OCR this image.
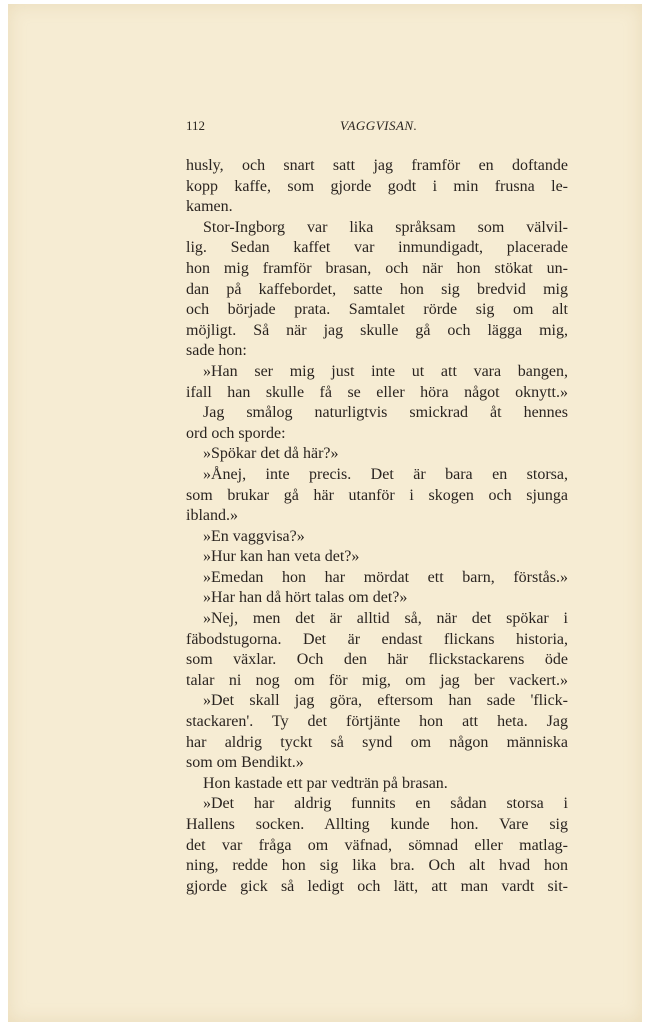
112	VAGGVISAN.
husly, och snart satt jag framför en doftande
kopp kaffe, som gjorde godt i min frusna le-
kamen.
Stor-Ingborg var lika språksam som välvil-
lig. Sedan kaffet var inmundigadt, placerade
hon mig framför brasan, och när hon stökat un-
dan på kaffebordet, satte hon sig bredvid mig
och började prata. Samtalet rörde sig om alt
möjligt. Så när jag skulle gå och lägga mig,
sade hon:
»Han ser mig just inte ut att vara bangen,
ifall han skulle få se eller höra något oknytt.»
Jag smålog naturligtvis smickrad åt hennes
ord och sporde:
»Spökar det då här?»
»Ånej, inte precis. Det är bara en storsa,
som brukar gå här utanför i skogen och sjunga
ibland.»
»En vaggvisa?»
»Hur kan han veta det?»
»Emedan hon har mördat ett barn, förstås.»
»Har han då hört talas om det?»
»Nej, men det är alltid så, när det spökar i
fäbodstugorna. Det är endast flickans historia,
som växlar. Och den här flickstackarens öde
talar ni nog om för mig, om jag ber vackert.»
»Det skall jag göra, eftersom han sade 'flick-
stackaren'. Ty det förtjänte hon att heta. Jag
har aldrig tyckt så synd om någon människa
som om Bendikt.»
Hon kastade ett par vedträn på brasan.
»Det har aldrig funnits en sådan storsa i
Hallens socken. Allting kunde hon. Vare sig
det var fråga om väfnad, sömnad eller matlag-
ning, redde hon sig lika bra. Och alt hvad hon
gjorde gick så ledigt och lätt, att man vardt sit-
